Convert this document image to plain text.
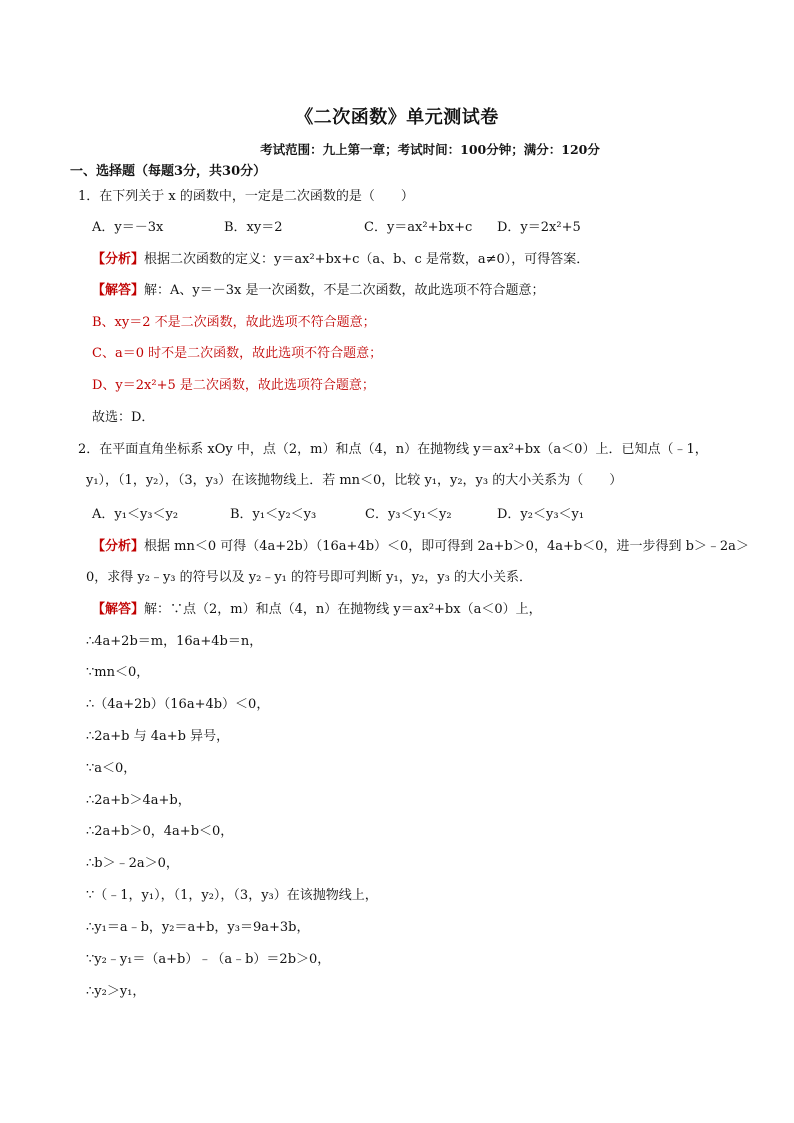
《二次函数》单元测试卷
考试范围：九上第一章；考试时间：100分钟；满分：120分
一、选择题（每题3分，共30分）
1．在下列关于 x 的函数中，一定是二次函数的是（　　）
A．y＝－3x	B．xy＝2	C．y＝ax²+bx+c D．y＝2x²+5
【分析】根据二次函数的定义：y＝ax²+bx+c（a、b、c 是常数，a≠0），可得答案．
【解答】解：A、y＝－3x 是一次函数，不是二次函数，故此选项不符合题意；
B、xy＝2 不是二次函数，故此选项不符合题意；
C、a＝0 时不是二次函数，故此选项不符合题意；
D、y＝2x²+5 是二次函数，故此选项符合题意；
故选：D．
2．在平面直角坐标系 xOy 中，点（2，m）和点（4，n）在抛物线 y＝ax²+bx（a＜0）上．已知点（﹣1，
y₁），（1，y₂），（3，y₃）在该抛物线上．若 mn＜0，比较 y₁，y₂，y₃ 的大小关系为（　　）
A．y₁＜y₃＜y₂	B．y₁＜y₂＜y₃	C．y₃＜y₁＜y₂	D．y₂＜y₃＜y₁
【分析】根据 mn＜0 可得（4a+2b）（16a+4b）＜0，即可得到 2a+b＞0，4a+b＜0，进一步得到 b＞﹣2a＞
0，求得 y₂﹣y₃ 的符号以及 y₂﹣y₁ 的符号即可判断 y₁，y₂，y₃ 的大小关系．
【解答】解：∵点（2，m）和点（4，n）在抛物线 y＝ax²+bx（a＜0）上，
∴4a+2b＝m，16a+4b＝n，
∵mn＜0，
∴（4a+2b）（16a+4b）＜0，
∴2a+b 与 4a+b 异号，
∵a＜0，
∴2a+b＞4a+b，
∴2a+b＞0，4a+b＜0，
∴b＞﹣2a＞0，
∵（﹣1，y₁），（1，y₂），（3，y₃）在该抛物线上，
∴y₁＝a﹣b，y₂＝a+b，y₃＝9a+3b，
∵y₂﹣y₁＝（a+b）﹣（a﹣b）＝2b＞0，
∴y₂＞y₁，
